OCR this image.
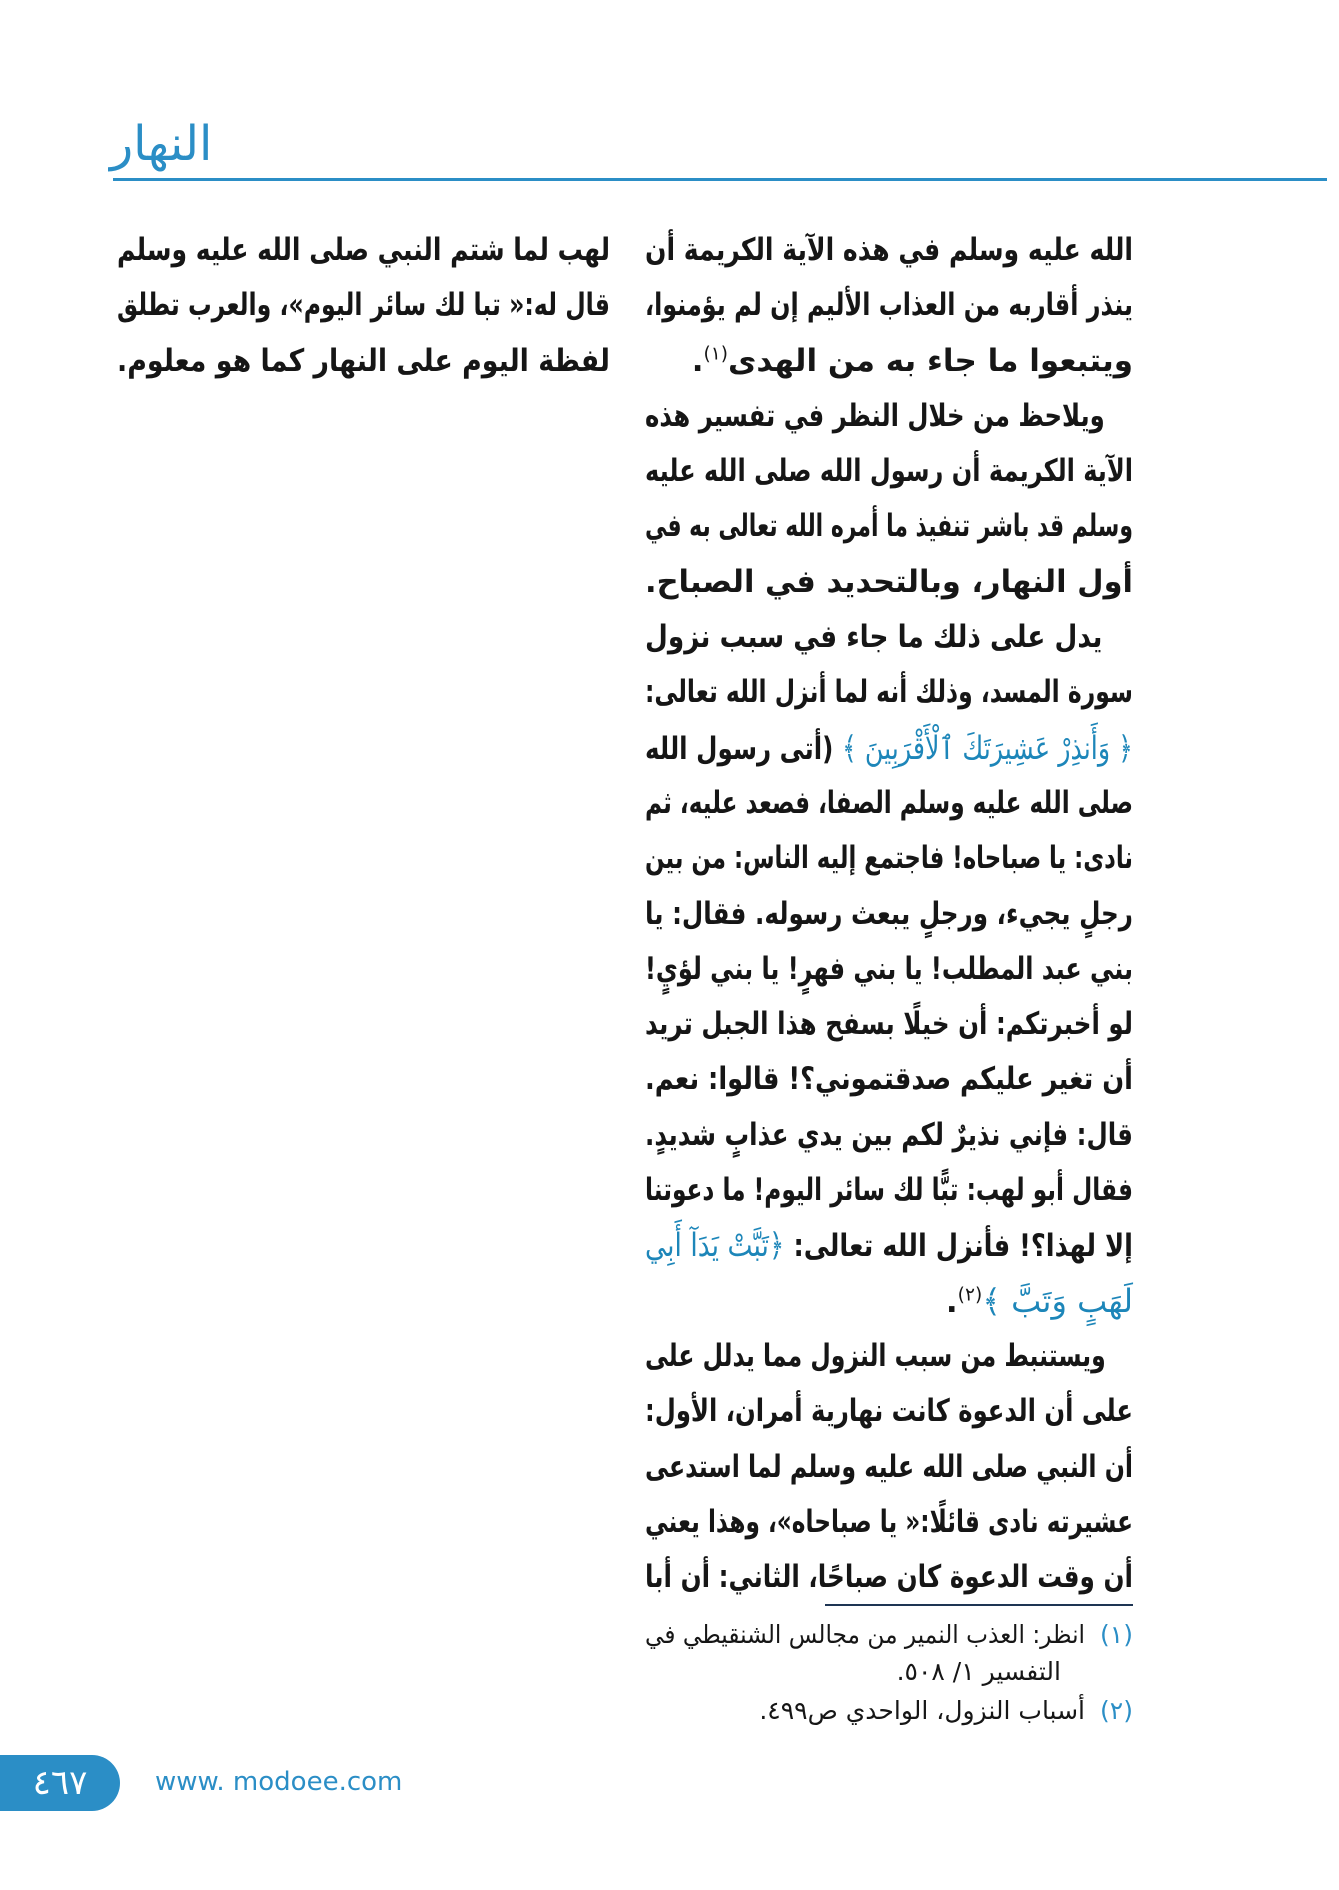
النهار
الله عليه وسلم في هذه الآية الكريمة أن
ينذر أقاربه من العذاب الأليم إن لم يؤمنوا،
ويتبعوا ما جاء به من الهدى$^{(١)}$.
ويلاحظ من خلال النظر في تفسير هذه
الآية الكريمة أن رسول الله صلى الله عليه
وسلم قد باشر تنفيذ ما أمره الله تعالى به في
أول النهار، وبالتحديد في الصباح.
يدل على ذلك ما جاء في سبب نزول
سورة المسد، وذلك أنه لما أنزل الله تعالى:
﴿ وَأَنذِرْ عَشِيرَتَكَ ٱلْأَقْرَبِينَ ﴾ (أتى رسول الله
صلى الله عليه وسلم الصفا، فصعد عليه، ثم
نادى: يا صباحاه! فاجتمع إليه الناس: من بين
رجلٍ يجيء، ورجلٍ يبعث رسوله. فقال: يا
بني عبد المطلب! يا بني فهرٍ! يا بني لؤيٍ!
لو أخبرتكم: أن خيلًا بسفح هذا الجبل تريد
أن تغير عليكم صدقتموني؟! قالوا: نعم.
قال: فإني نذيرٌ لكم بين يدي عذابٍ شديدٍ.
فقال أبو لهب: تبًّا لك سائر اليوم! ما دعوتنا
إلا لهذا؟! فأنزل الله تعالى: ﴿تَبَّتْ يَدَآ أَبِي
لَهَبٍ وَتَبَّ ﴾$^{(٢)}$.
ويستنبط من سبب النزول مما يدلل على
على أن الدعوة كانت نهارية أمران، الأول:
أن النبي صلى الله عليه وسلم لما استدعى
عشيرته نادى قائلًا:« يا صباحاه»، وهذا يعني
أن وقت الدعوة كان صباحًا، الثاني: أن أبا
لهب لما شتم النبي صلى الله عليه وسلم
قال له:« تبا لك سائر اليوم»، والعرب تطلق
لفظة اليوم على النهار كما هو معلوم.
(١)
انظر: العذب النمير من مجالس الشنقيطي في
التفسير ١/ ٥٠٨.
(٢)
أسباب النزول، الواحدي ص٤٩٩.
٤٦٧	www. modoee.com
